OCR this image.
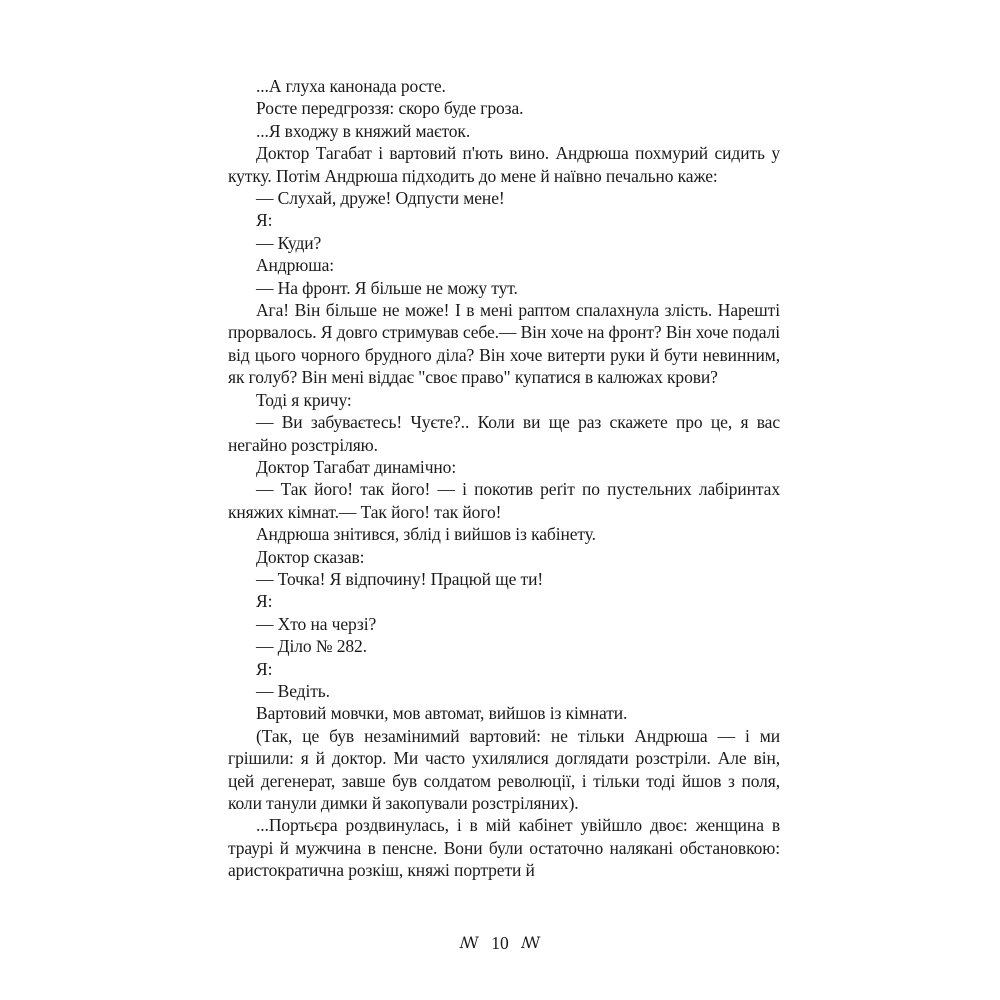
...А глуха канонада росте.

Росте передгроззя: скоро буде гроза.

...Я входжу в княжий маєток.

Доктор Тагабат і вартовий п'ють вино. Андрюша похмурий сидить у кутку. Потім Андрюша підходить до мене й наївно печально каже:

— Слухай, друже! Одпусти мене!

Я:

— Куди?

Андрюша:

— На фронт. Я більше не можу тут.

Ага! Він більше не може! І в мені раптом спалахнула злість. Нарешті прорвалось. Я довго стримував себе.— Він хоче на фронт? Він хоче подалі від цього чорного брудного діла? Він хоче витерти руки й бути невинним, як голуб? Він мені віддає "своє право" купатися в калюжах крови?

Тоді я кричу:

— Ви забуваєтесь! Чуєте?.. Коли ви ще раз скажете про це, я вас негайно розстріляю.

Доктор Тагабат динамічно:

— Так його! так його! — і покотив реґіт по пустельних лабіринтах княжих кімнат.— Так його! так його!

Андрюша знітився, зблід і вийшов із кабінету.

Доктор сказав:

— Точка! Я відпочину! Працюй ще ти!

Я:

— Хто на черзі?

— Діло № 282.

Я:

— Ведіть.

Вартовий мовчки, мов автомат, вийшов із кімнати.

(Так, це був незамінимий вартовий: не тільки Андрюша — і ми грішили: я й доктор. Ми часто ухилялися доглядати розстріли. Але він, цей дегенерат, завше був солдатом революції, і тільки тоді йшов з поля, коли танули димки й закопували розстріляних).

...Портьєра роздвинулась, і в мій кабінет увійшло двоє: женщина в траурі й мужчина в пенсне. Вони були остаточно налякані обстановкою: аристократична розкіш, княжі портрети й

ꟿ 10 ꟿ
